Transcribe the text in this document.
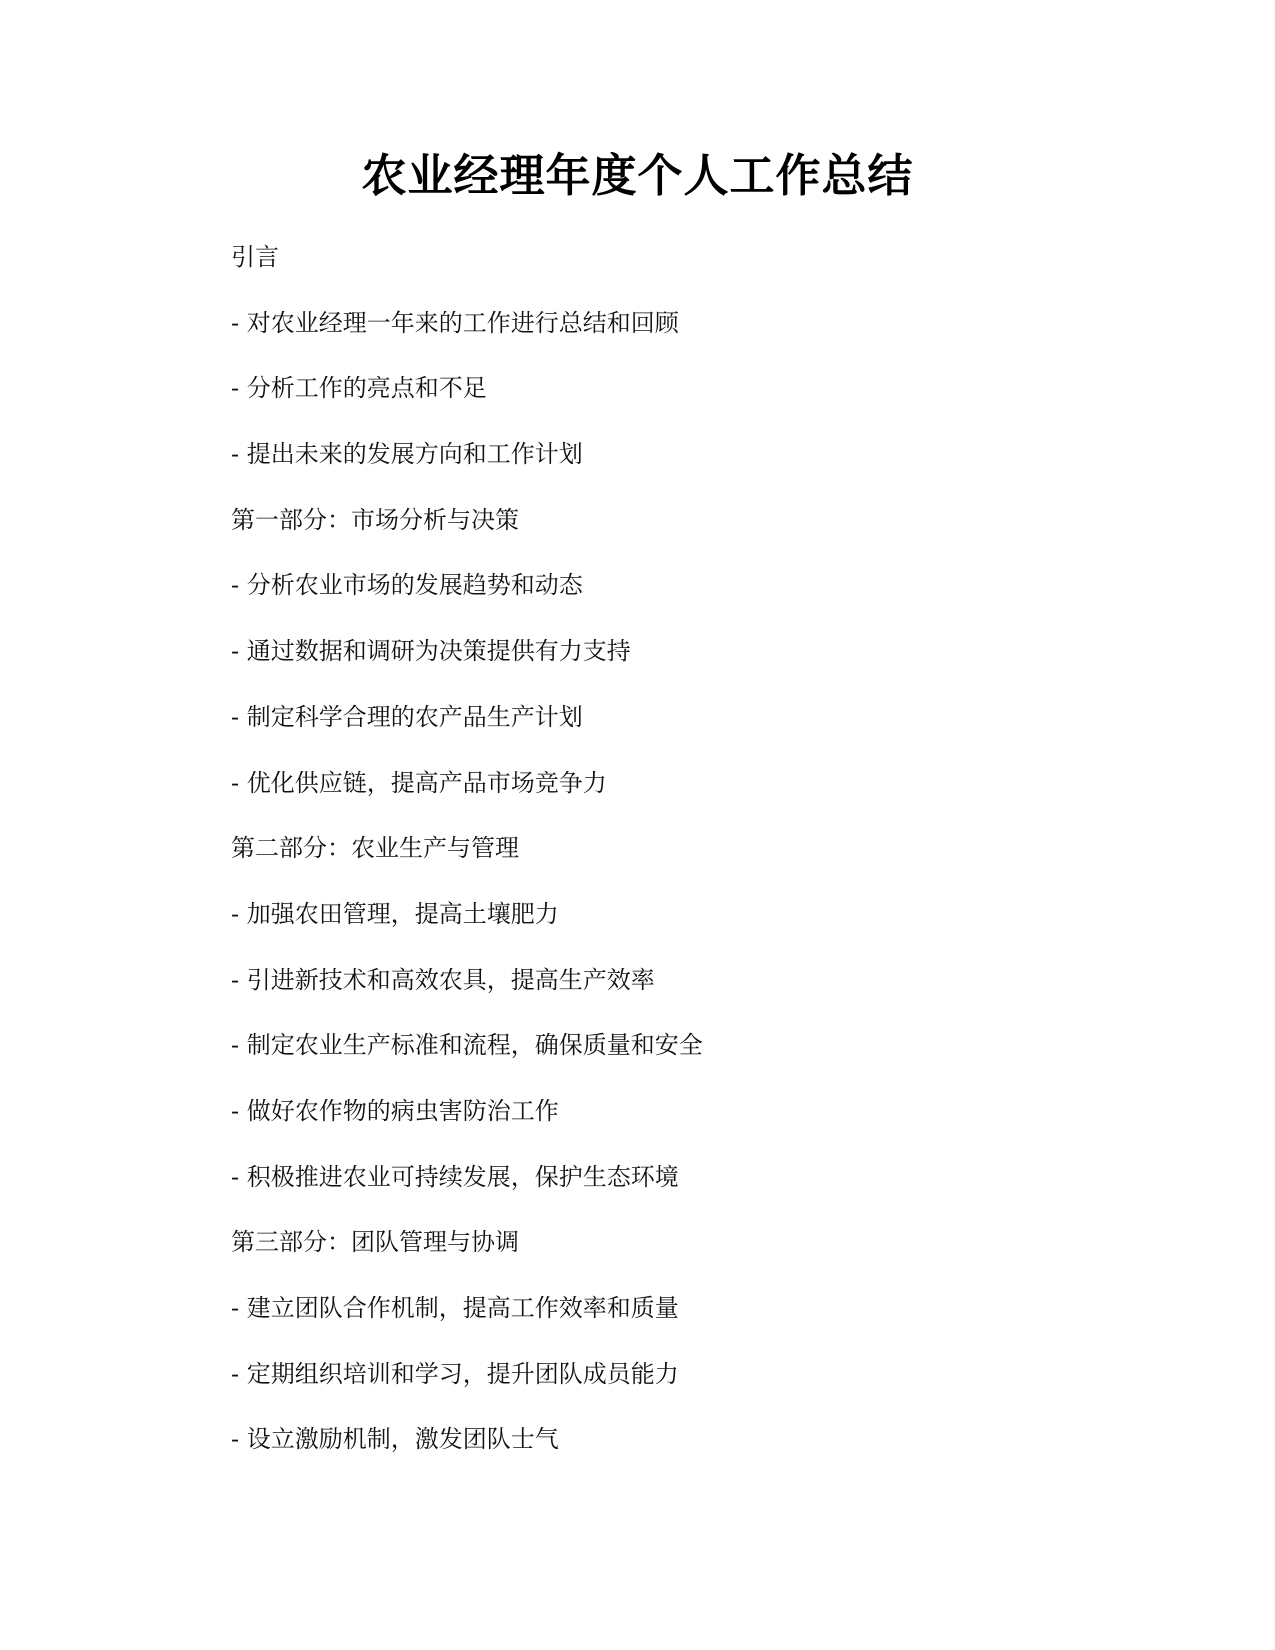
农业经理年度个人工作总结
引言
- 对农业经理一年来的工作进行总结和回顾
- 分析工作的亮点和不足
- 提出未来的发展方向和工作计划
第一部分：市场分析与决策
- 分析农业市场的发展趋势和动态
- 通过数据和调研为决策提供有力支持
- 制定科学合理的农产品生产计划
- 优化供应链，提高产品市场竞争力
第二部分：农业生产与管理
- 加强农田管理，提高土壤肥力
- 引进新技术和高效农具，提高生产效率
- 制定农业生产标准和流程，确保质量和安全
- 做好农作物的病虫害防治工作
- 积极推进农业可持续发展，保护生态环境
第三部分：团队管理与协调
- 建立团队合作机制，提高工作效率和质量
- 定期组织培训和学习，提升团队成员能力
- 设立激励机制，激发团队士气
